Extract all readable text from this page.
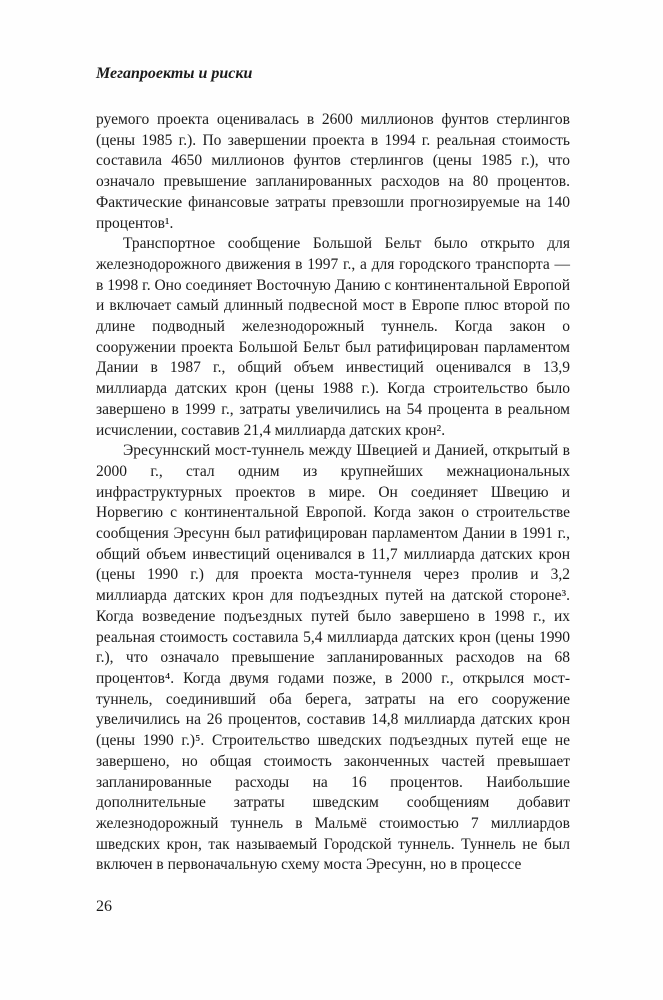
Мегапроекты и риски

руемого проекта оценивалась в 2600 миллионов фунтов стерлингов (цены 1985 г.). По завершении проекта в 1994 г. реальная стоимость составила 4650 миллионов фунтов стерлингов (цены 1985 г.), что означало превышение запланированных расходов на 80 процентов. Фактические финансовые затраты превзошли прогнозируемые на 140 процентов¹.

Транспортное сообщение Большой Бельт было открыто для железнодорожного движения в 1997 г., а для городского транспорта — в 1998 г. Оно соединяет Восточную Данию с континентальной Европой и включает самый длинный подвесной мост в Европе плюс второй по длине подводный железнодорожный туннель. Когда закон о сооружении проекта Большой Бельт был ратифицирован парламентом Дании в 1987 г., общий объем инвестиций оценивался в 13,9 миллиарда датских крон (цены 1988 г.). Когда строительство было завершено в 1999 г., затраты увеличились на 54 процента в реальном исчислении, составив 21,4 миллиарда датских крон².

Эресуннский мост-туннель между Швецией и Данией, открытый в 2000 г., стал одним из крупнейших межнациональных инфраструктурных проектов в мире. Он соединяет Швецию и Норвегию с континентальной Европой. Когда закон о строительстве сообщения Эресунн был ратифицирован парламентом Дании в 1991 г., общий объем инвестиций оценивался в 11,7 миллиарда датских крон (цены 1990 г.) для проекта моста-туннеля через пролив и 3,2 миллиарда датских крон для подъездных путей на датской стороне³. Когда возведение подъездных путей было завершено в 1998 г., их реальная стоимость составила 5,4 миллиарда датских крон (цены 1990 г.), что означало превышение запланированных расходов на 68 процентов⁴. Когда двумя годами позже, в 2000 г., открылся мост-туннель, соединивший оба берега, затраты на его сооружение увеличились на 26 процентов, составив 14,8 миллиарда датских крон (цены 1990 г.)⁵. Строительство шведских подъездных путей еще не завершено, но общая стоимость законченных частей превышает запланированные расходы на 16 процентов. Наибольшие дополнительные затраты шведским сообщениям добавит железнодорожный туннель в Мальмё стоимостью 7 миллиардов шведских крон, так называемый Городской туннель. Туннель не был включен в первоначальную схему моста Эресунн, но в процессе

26
